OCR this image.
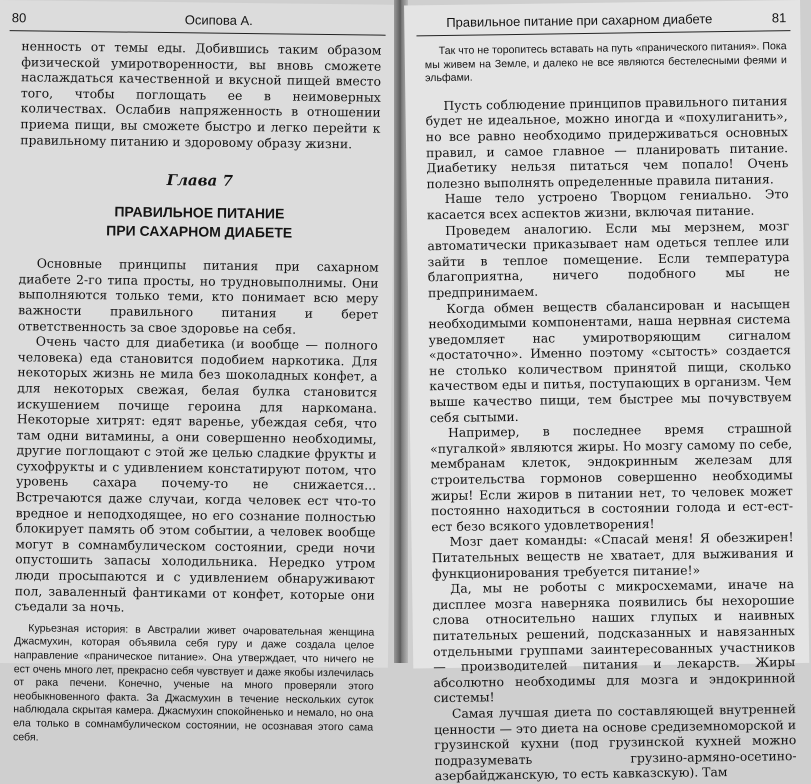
80	Осипова А.

ненность от темы еды. Добившись таким образом физической умиротворенности, вы вновь сможете наслаждаться качественной и вкусной пищей вместо того, чтобы поглощать ее в неимоверных количествах. Ослабив напряженность в отношении приема пищи, вы сможете быстро и легко перейти к правильному питанию и здоровому образу жизни.

Глава 7
ПРАВИЛЬНОЕ ПИТАНИЕ
ПРИ САХАРНОМ ДИАБЕТЕ

Основные принципы питания при сахарном диабете 2-го типа просты, но трудновыполнимы. Они выполняются только теми, кто понимает всю меру важности правильного питания и берет ответственность за свое здоровье на себя.

Очень часто для диабетика (и вообще — полного человека) еда становится подобием наркотика. Для некоторых жизнь не мила без шоколадных конфет, а для некоторых свежая, белая булка становится искушением почище героина для наркомана. Некоторые хитрят: едят варенье, убеждая себя, что там одни витамины, а они совершенно необходимы, другие поглощают с этой же целью сладкие фрукты и сухофрукты и с удивлением констатируют потом, что уровень сахара почему-то не снижается... Встречаются даже случаи, когда человек ест что-то вредное и неподходящее, но его сознание полностью блокирует память об этом событии, а человек вообще могут в сомнамбулическом состоянии, среди ночи опустошить запасы холодильника. Нередко утром люди просыпаются и с удивлением обнаруживают пол, заваленный фантиками от конфет, которые они съедали за ночь.

Курьезная история: в Австралии живет очаровательная женщина Джасмухин, которая объявила себя гуру и даже создала целое направление «праническое питание». Она утверждает, что ничего не ест очень много лет, прекрасно себя чувствует и даже якобы излечилась от рака печени. Конечно, ученые на много проверяли этого необыкновенного факта. За Джасмухин в течение нескольких суток наблюдала скрытая камера. Джасмухин спокойненько и немало, но она ела только в сомнамбулическом состоянии, не осознавая этого сама себя.

Правильное питание при сахарном диабете	81

Так что не торопитесь вставать на путь «пранического питания». Пока мы живем на Земле, и далеко не все являются бестелесными феями и эльфами.

Пусть соблюдение принципов правильного питания будет не идеальное, можно иногда и «похулиганить», но все равно необходимо придерживаться основных правил, и самое главное — планировать питание. Диабетику нельзя питаться чем попало! Очень полезно выполнять определенные правила питания.

Наше тело устроено Творцом гениально. Это касается всех аспектов жизни, включая питание.

Проведем аналогию. Если мы мерзнем, мозг автоматически приказывает нам одеться теплее или зайти в теплое помещение. Если температура благоприятна, ничего подобного мы не предпринимаем.

Когда обмен веществ сбалансирован и насыщен необходимыми компонентами, наша нервная система уведомляет нас умиротворяющим сигналом «достаточно». Именно поэтому «сытость» создается не столько количеством принятой пищи, сколько качеством еды и питья, поступающих в организм. Чем выше качество пищи, тем быстрее мы почувствуем себя сытыми.

Например, в последнее время страшной «пугалкой» являются жиры. Но мозгу самому по себе, мембранам клеток, эндокринным железам для строительства гормонов совершенно необходимы жиры! Если жиров в питании нет, то человек может постоянно находиться в состоянии голода и ест-ест-ест безо всякого удовлетворения!

Мозг дает команды: «Спасай меня! Я обезжирен! Питательных веществ не хватает, для выживания и функционирования требуется питание!»

Да, мы не роботы с микросхемами, иначе на дисплее мозга наверняка появились бы нехорошие слова относительно наших глупых и наивных питательных решений, подсказанных и навязанных отдельными группами заинтересованных участников — производителей питания и лекарств. Жиры абсолютно необходимы для мозга и эндокринной системы!

Самая лучшая диета по составляющей внутренней ценности — это диета на основе средиземноморской и грузинской кухни (под грузинской кухней можно подразумевать грузино-армяно-осетино-азербайджанскую, то есть кавказскую). Там
